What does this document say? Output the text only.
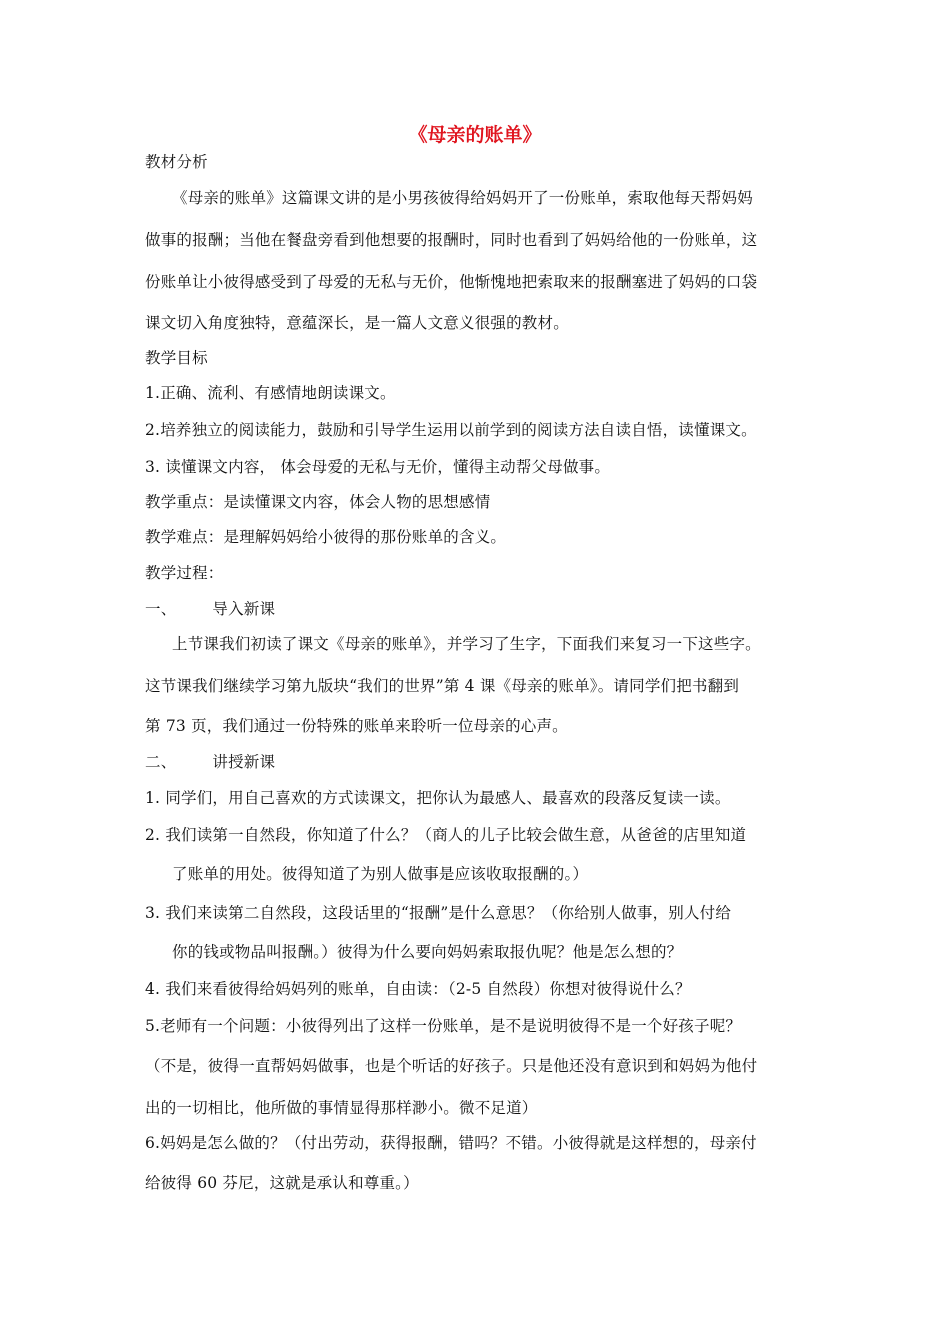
《母亲的账单》
教材分析
《母亲的账单》这篇课文讲的是小男孩彼得给妈妈开了一份账单，索取他每天帮妈妈
做事的报酬；当他在餐盘旁看到他想要的报酬时，同时也看到了妈妈给他的一份账单，这
份账单让小彼得感受到了母爱的无私与无价，他惭愧地把索取来的报酬塞进了妈妈的口袋
课文切入角度独特，意蕴深长，是一篇人文意义很强的教材。
教学目标
1.正确、流利、有感情地朗读课文。
2.培养独立的阅读能力，鼓励和引导学生运用以前学到的阅读方法自读自悟，读懂课文。
3. 读懂课文内容， 体会母爱的无私与无价，懂得主动帮父母做事。
教学重点：是读懂课文内容，体会人物的思想感情
教学难点：是理解妈妈给小彼得的那份账单的含义。
教学过程：
一、 导入新课
上节课我们初读了课文《母亲的账单》，并学习了生字，下面我们来复习一下这些字。
这节课我们继续学习第九版块“我们的世界”第 4 课《母亲的账单》。请同学们把书翻到
第 73 页，我们通过一份特殊的账单来聆听一位母亲的心声。
二、 讲授新课
1. 同学们，用自己喜欢的方式读课文，把你认为最感人、最喜欢的段落反复读一读。
2. 我们读第一自然段，你知道了什么？（商人的儿子比较会做生意，从爸爸的店里知道
了账单的用处。彼得知道了为别人做事是应该收取报酬的。）
3. 我们来读第二自然段，这段话里的“报酬”是什么意思？（你给别人做事，别人付给
你的钱或物品叫报酬。）彼得为什么要向妈妈索取报仇呢？他是怎么想的？
4. 我们来看彼得给妈妈列的账单，自由读：（2-5 自然段）你想对彼得说什么？
5.老师有一个问题：小彼得列出了这样一份账单，是不是说明彼得不是一个好孩子呢？
（不是，彼得一直帮妈妈做事，也是个听话的好孩子。只是他还没有意识到和妈妈为他付
出的一切相比，他所做的事情显得那样渺小。微不足道）
6.妈妈是怎么做的？（付出劳动，获得报酬，错吗？不错。小彼得就是这样想的，母亲付
给彼得 60 芬尼，这就是承认和尊重。）
